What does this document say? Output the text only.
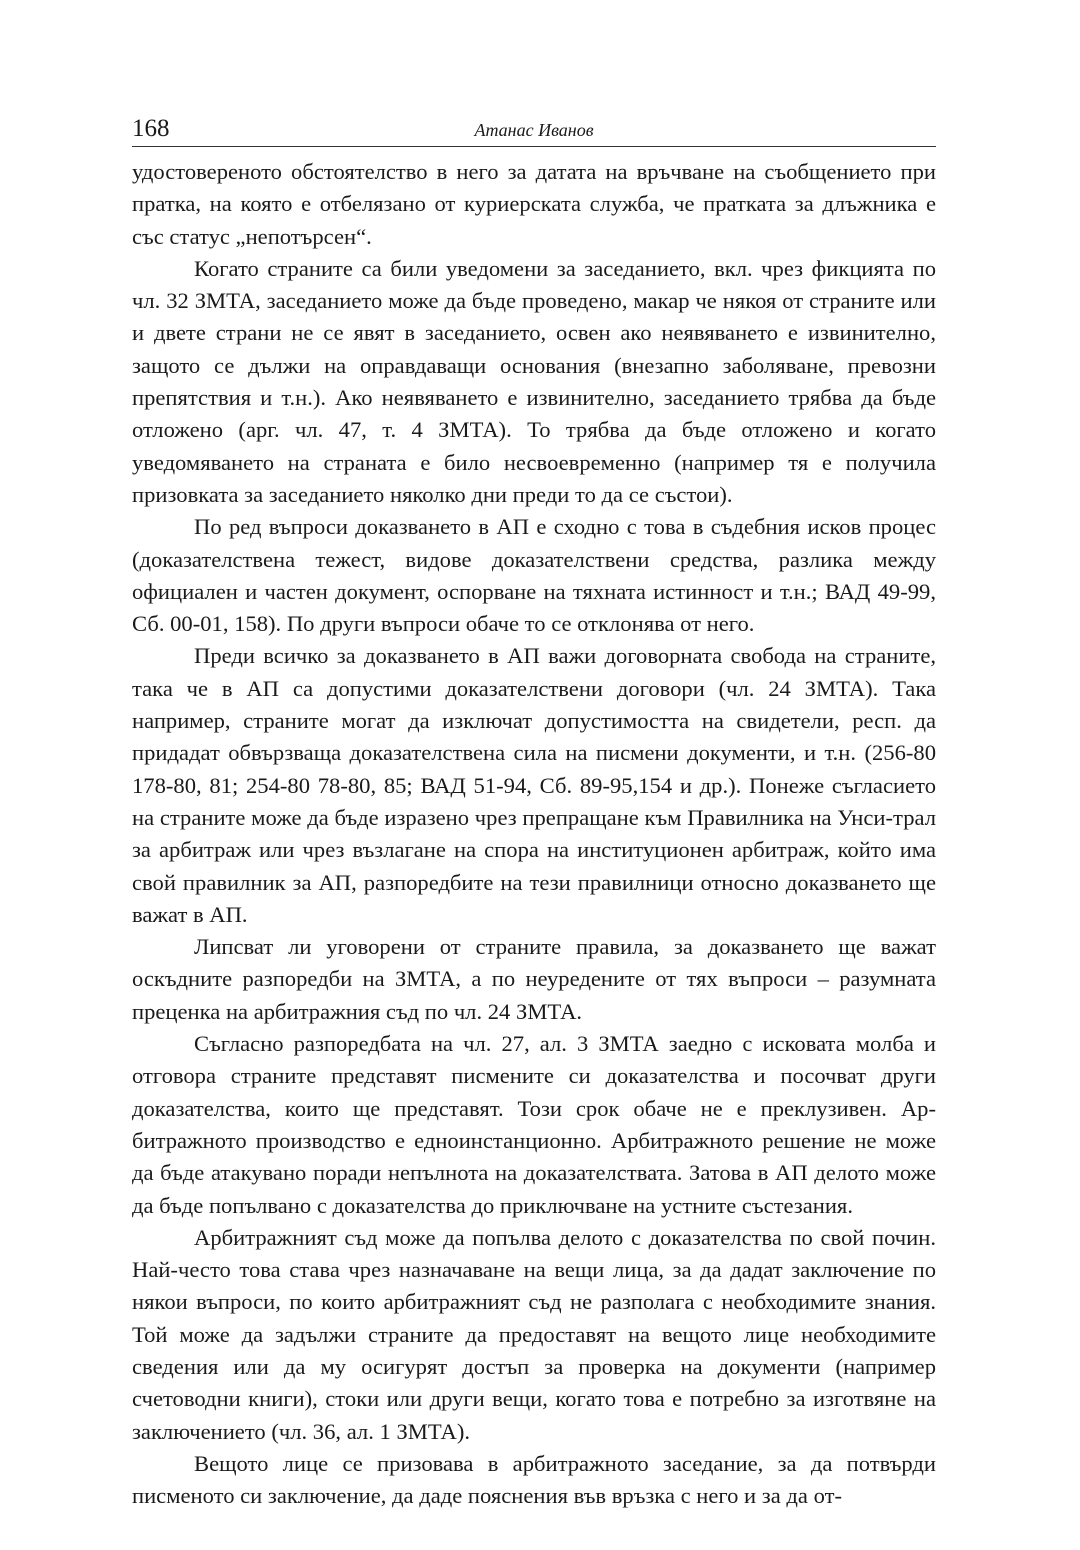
168	Атанас Иванов

удостовереното обстоятелство в него за датата на връчване на съобщението при пратка, на която е отбелязано от куриерската служба, че пратката за длъжника е със статус „непотърсен“.

Когато страните са били уведомени за заседанието, вкл. чрез фикцията по чл. 32 ЗМТА, заседанието може да бъде проведено, макар че някоя от страните или и двете страни не се явят в заседанието, освен ако неявяването е извинително, защото се дължи на оправдаващи основания (внезапно заболяване, превозни препятствия и т.н.). Ако неявяването е извинително, заседанието трябва да бъде отложено (арг. чл. 47, т. 4 ЗМТА). То трябва да бъде отложено и когато уведомяването на страната е било несвоевременно (например тя е получила призовката за заседанието няколко дни преди то да се състои).

По ред въпроси доказването в АП е сходно с това в съдебния исков процес (доказателствена тежест, видове доказателствени средства, разлика между официален и частен документ, оспорване на тяхната истинност и т.н.; ВАД 49-99, Сб. 00-01, 158). По други въпроси обаче то се отклонява от него.

Преди всичко за доказването в АП важи договорната свобода на страните, така че в АП са допустими доказателствени договори (чл. 24 ЗМТА). Така например, страните могат да изключат допустимостта на свидетели, респ. да придадат обвързваща доказателствена сила на писмени документи, и т.н. (256-80 178-80, 81; 254-80 78-80, 85; ВАД 51-94, Сб. 89-95,154 и др.). Понеже съгласието на страните може да бъде изразено чрез препращане към Правилника на Унси-трал за арбитраж или чрез възлагане на спора на институционен арбитраж, който има свой правилник за АП, разпоредбите на тези правилници относно доказването ще важат в АП.

Липсват ли уговорени от страните правила, за доказването ще важат оскъдните разпоредби на ЗМТА, а по неуредените от тях въпроси – разумната преценка на арбитражния съд по чл. 24 ЗМТА.

Съгласно разпоредбата на чл. 27, ал. 3 ЗМТА заедно с исковата молба и отговора страните представят писмените си доказателства и посочват други доказателства, които ще представят. Този срок обаче не е преклузивен. Арбитражното производство е едноинстанционно. Арбитражното решение не може да бъде атакувано поради непълнота на доказателствата. Затова в АП делото може да бъде попълвано с доказателства до приключване на устните състезания.

Арбитражният съд може да попълва делото с доказателства по свой почин. Най-често това става чрез назначаване на вещи лица, за да дадат заключение по някои въпроси, по които арбитражният съд не разполага с необходимите знания. Той може да задължи страните да предоставят на вещото лице необходимите сведения или да му осигурят достъп за проверка на документи (например счетоводни книги), стоки или други вещи, когато това е потребно за изготвяне на заключението (чл. 36, ал. 1 ЗМТА).

Вещото лице се призовава в арбитражното заседание, за да потвърди писменото си заключение, да даде пояснения във връзка с него и за да от-
